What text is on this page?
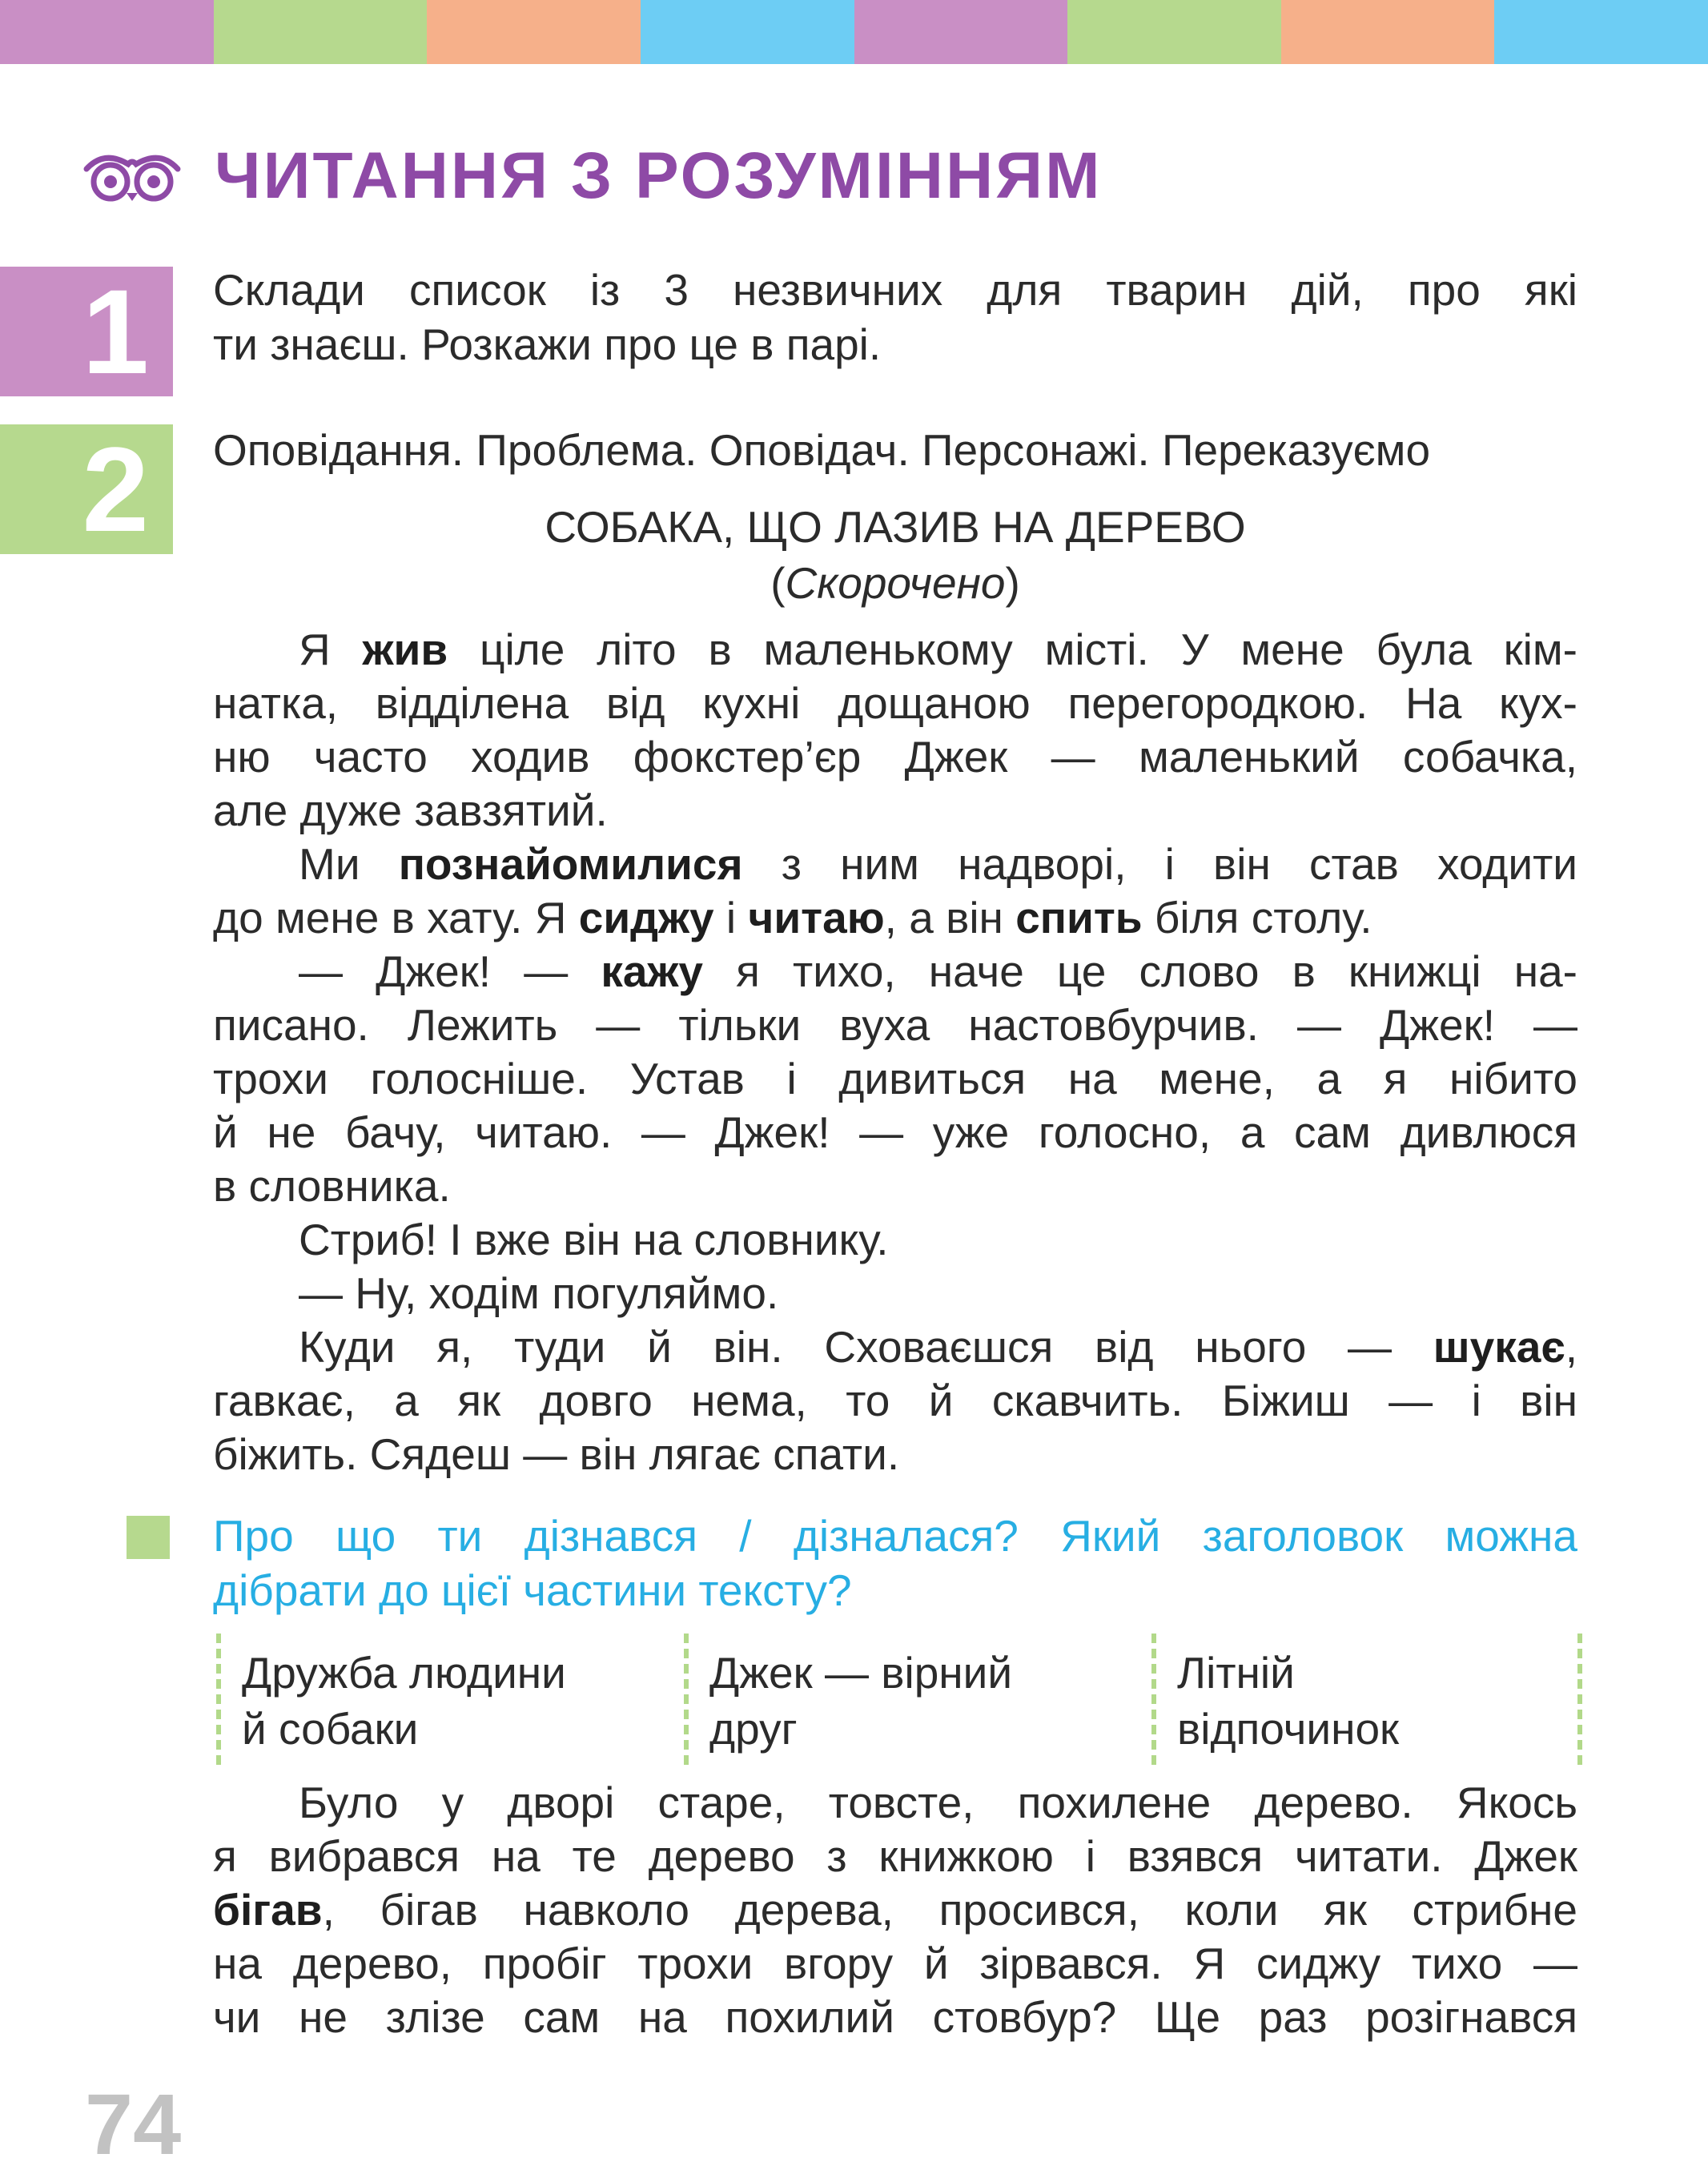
ЧИТАННЯ З РОЗУМІННЯМ
1	Склади список із 3 незвичних для тварин дій, про які
ти знаєш. Розкажи про це в парі.
2	Оповідання. Проблема. Оповідач. Персонажі. Переказуємо
СОБАКА, ЩО ЛАЗИВ НА ДЕРЕВО
(Скорочено)
Я жив ціле літо в маленькому місті. У мене була кім-
натка, відділена від кухні дощаною перегородкою. На кух-
ню часто ходив фокстер’єр Джек — маленький собачка,
але дуже завзятий.
Ми познайомилися з ним надворі, і він став ходити
до мене в хату. Я сиджу і читаю, а він спить біля столу.
— Джек! — кажу я тихо, наче це слово в книжці на-
писано. Лежить — тільки вуха настовбурчив. — Джек! —
трохи голосніше. Устав і дивиться на мене, а я нібито
й не бачу, читаю. — Джек! — уже голосно, а сам дивлюся
в словника.
Стриб! І вже він на словнику.
— Ну, ходім погуляймо.
Куди я, туди й він. Сховаєшся від нього — шукає,
гавкає, а як довго нема, то й скавчить. Біжиш — і він
біжить. Сядеш — він лягає спати.
Про що ти дізнався / дізналася? Який заголовок можна
дібрати до цієї частини тексту?
Дружба людини
й собаки
Джек — вірний
друг
Літній
відпочинок
Було у дворі старе, товсте, похилене дерево. Якось
я вибрався на те дерево з книжкою і взявся читати. Джек
бігав, бігав навколо дерева, просився, коли як стрибне
на дерево, пробіг трохи вгору й зірвався. Я сиджу тихо —
чи не злізе сам на похилий стовбур? Ще раз розігнався
74
